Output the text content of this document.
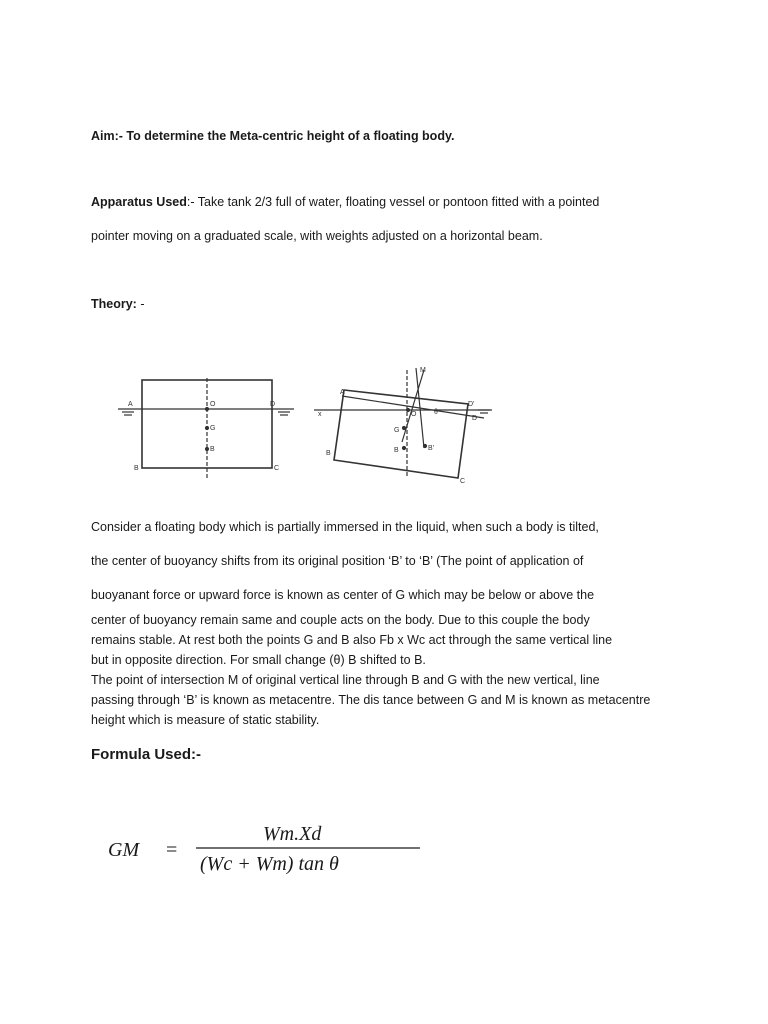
Aim:- To determine the Meta-centric height of a floating body.
Apparatus Used:- Take tank 2/3 full of water, floating vessel or pontoon fitted with a pointed
pointer moving on a graduated scale, with weights adjusted on a horizontal beam.
Theory: -
A
B	C
D
O
G
B
M
A
B
C
D
D'
O
G
B	B'
θ
x
Consider a floating body which is partially immersed in the liquid, when such a body is tilted,
the center of buoyancy shifts from its original position ‘B’ to ‘B’ (The point of application of
buoyanant force or upward force is known as center of G which may be below or above the
center of buoyancy remain same and couple acts on the body. Due to this couple the body
remains stable. At rest both the points G and B also Fb x Wc act through the same vertical line
but in opposite direction. For small change (θ) B shifted to B.
The point of intersection M of original vertical line through B and G with the new vertical, line
passing through ‘B’ is known as metacentre. The dis tance between G and M is known as metacentre
height which is measure of static stability.
Formula Used:-
GM =
Wm.Xd
(Wc + Wm) tan θ
